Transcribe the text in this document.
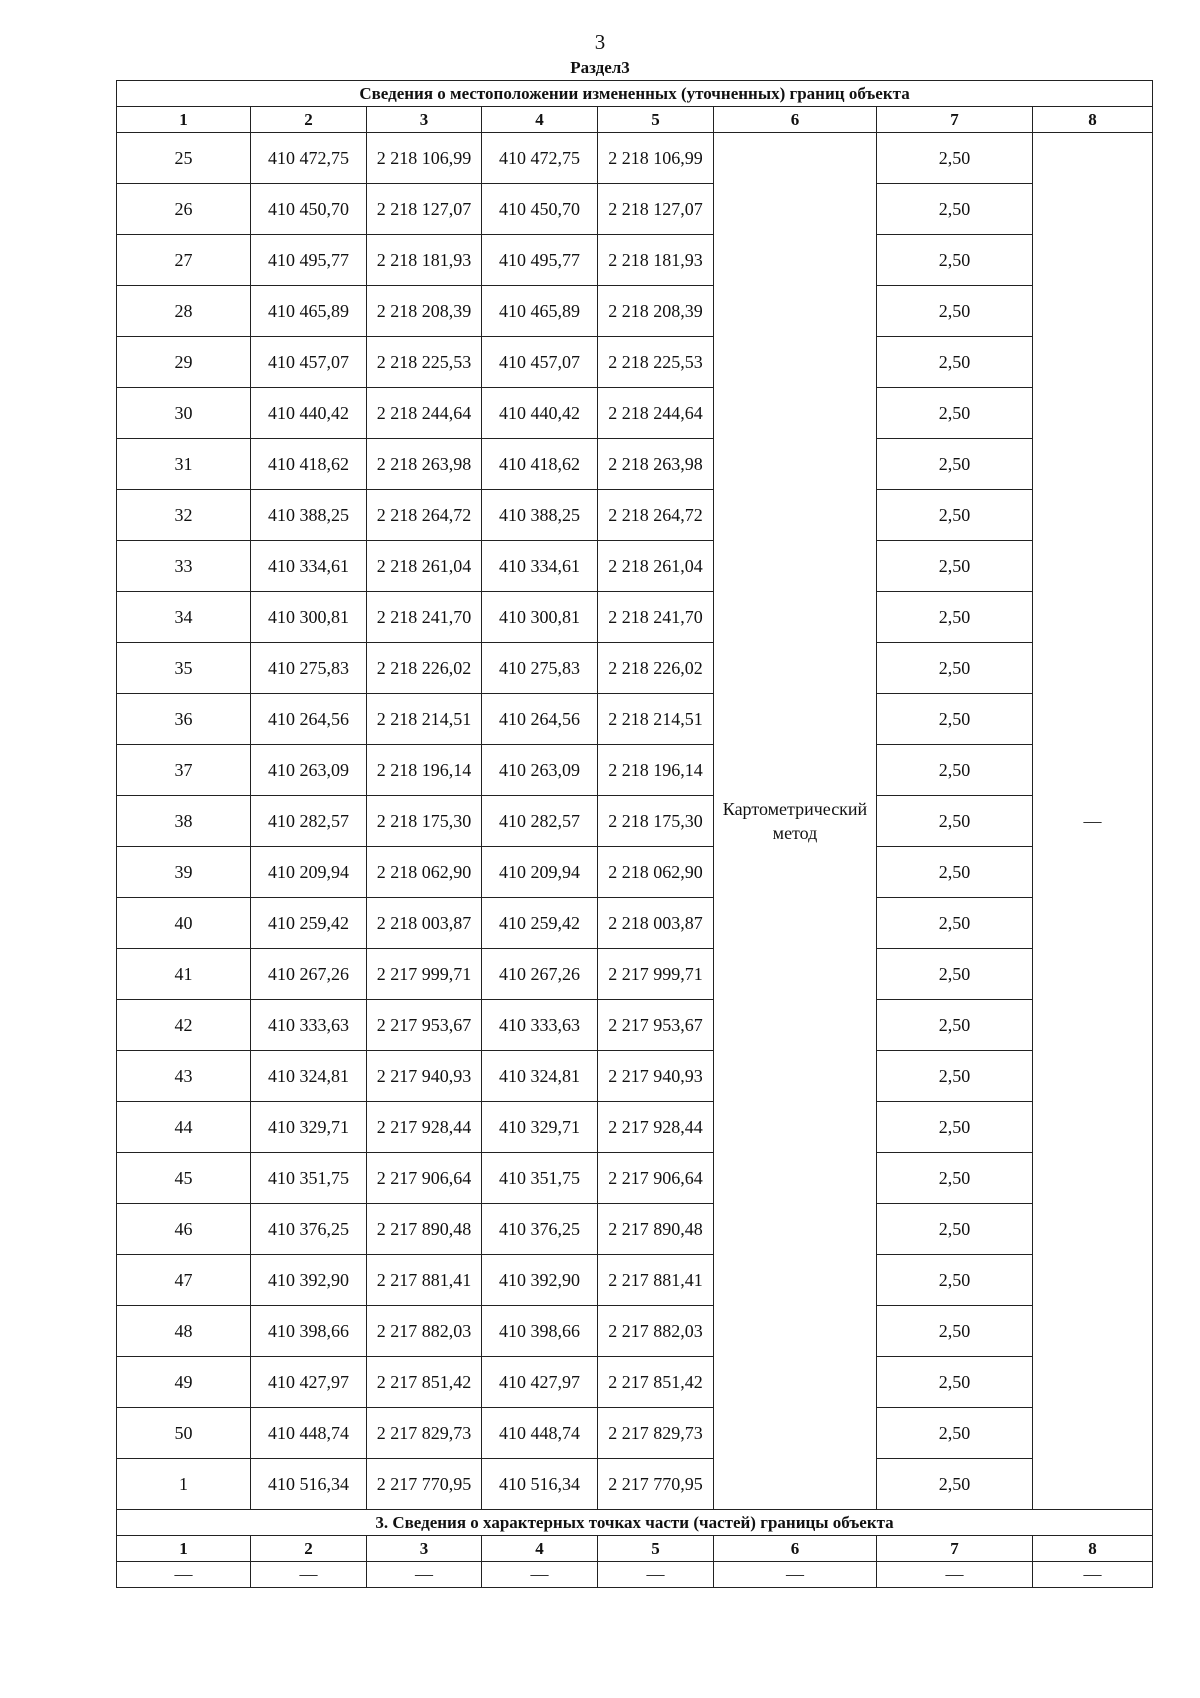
3
Раздел3
Сведения о местоположении измененных (уточненных) границ объекта							
1	2	3	4	5	6	7	8
25	410 472,75	2 218 106,99	410 472,75	2 218 106,99	Картометрический метод	2,50	—
26	410 450,70	2 218 127,07	410 450,70	2 218 127,07		2,50	
27	410 495,77	2 218 181,93	410 495,77	2 218 181,93		2,50	
28	410 465,89	2 218 208,39	410 465,89	2 218 208,39		2,50	
29	410 457,07	2 218 225,53	410 457,07	2 218 225,53		2,50	
30	410 440,42	2 218 244,64	410 440,42	2 218 244,64		2,50	
31	410 418,62	2 218 263,98	410 418,62	2 218 263,98		2,50	
32	410 388,25	2 218 264,72	410 388,25	2 218 264,72		2,50	
33	410 334,61	2 218 261,04	410 334,61	2 218 261,04		2,50	
34	410 300,81	2 218 241,70	410 300,81	2 218 241,70		2,50	
35	410 275,83	2 218 226,02	410 275,83	2 218 226,02		2,50	
36	410 264,56	2 218 214,51	410 264,56	2 218 214,51		2,50	
37	410 263,09	2 218 196,14	410 263,09	2 218 196,14		2,50	
38	410 282,57	2 218 175,30	410 282,57	2 218 175,30		2,50	
39	410 209,94	2 218 062,90	410 209,94	2 218 062,90		2,50	
40	410 259,42	2 218 003,87	410 259,42	2 218 003,87		2,50	
41	410 267,26	2 217 999,71	410 267,26	2 217 999,71		2,50	
42	410 333,63	2 217 953,67	410 333,63	2 217 953,67		2,50	
43	410 324,81	2 217 940,93	410 324,81	2 217 940,93		2,50	
44	410 329,71	2 217 928,44	410 329,71	2 217 928,44		2,50	
45	410 351,75	2 217 906,64	410 351,75	2 217 906,64		2,50	
46	410 376,25	2 217 890,48	410 376,25	2 217 890,48		2,50	
47	410 392,90	2 217 881,41	410 392,90	2 217 881,41		2,50	
48	410 398,66	2 217 882,03	410 398,66	2 217 882,03		2,50	
49	410 427,97	2 217 851,42	410 427,97	2 217 851,42		2,50	
50	410 448,74	2 217 829,73	410 448,74	2 217 829,73		2,50	
1	410 516,34	2 217 770,95	410 516,34	2 217 770,95		2,50	
3. Сведения о характерных точках части (частей) границы объекта							
1	2	3	4	5	6	7	8
—	—	—	—	—	—	—	—
